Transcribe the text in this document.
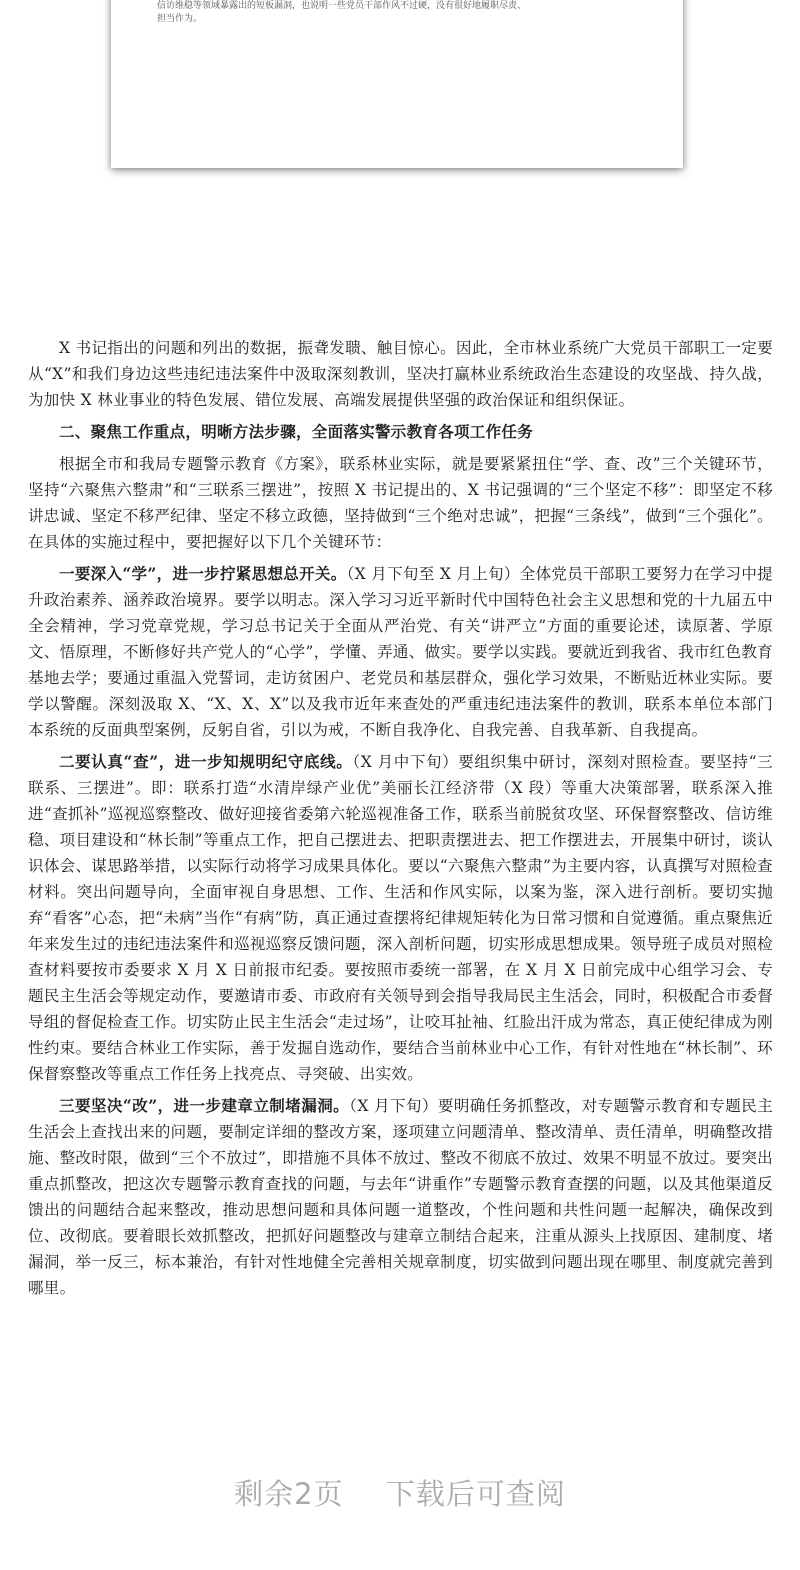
信访维稳等领域暴露出的短板漏洞，也说明一些党员干部作风不过硬，没有很好地履职尽责、

担当作为。

X 书记指出的问题和列出的数据，振聋发聩、触目惊心。因此，全市林业系统广大党员干部职工一定要从“X”和我们身边这些违纪违法案件中汲取深刻教训，坚决打赢林业系统政治生态建设的攻坚战、持久战，为加快 X 林业事业的特色发展、错位发展、高端发展提供坚强的政治保证和组织保证。

二、聚焦工作重点，明晰方法步骤，全面落实警示教育各项工作任务

根据全市和我局专题警示教育《方案》，联系林业实际，就是要紧紧扭住“学、查、改”三个关键环节，坚持“六聚焦六整肃”和“三联系三摆进”，按照 X 书记提出的、X 书记强调的“三个坚定不移”：即坚定不移讲忠诚、坚定不移严纪律、坚定不移立政德，坚持做到“三个绝对忠诚”，把握“三条线”，做到“三个强化”。在具体的实施过程中，要把握好以下几个关键环节：

一要深入“学”，进一步拧紧思想总开关。（X 月下旬至 X 月上旬）全体党员干部职工要努力在学习中提升政治素养、涵养政治境界。要学以明志。深入学习习近平新时代中国特色社会主义思想和党的十九届五中全会精神，学习党章党规，学习总书记关于全面从严治党、有关“讲严立”方面的重要论述，读原著、学原文、悟原理，不断修好共产党人的“心学”，学懂、弄通、做实。要学以实践。要就近到我省、我市红色教育基地去学；要通过重温入党誓词，走访贫困户、老党员和基层群众，强化学习效果，不断贴近林业实际。要学以警醒。深刻汲取 X、“X、X、X”以及我市近年来查处的严重违纪违法案件的教训，联系本单位本部门本系统的反面典型案例，反躬自省，引以为戒，不断自我净化、自我完善、自我革新、自我提高。

二要认真“查”，进一步知规明纪守底线。（X 月中下旬）要组织集中研讨，深刻对照检查。要坚持“三联系、三摆进”。即：联系打造“水清岸绿产业优”美丽长江经济带（X 段）等重大决策部署，联系深入推进“查抓补”巡视巡察整改、做好迎接省委第六轮巡视准备工作，联系当前脱贫攻坚、环保督察整改、信访维稳、项目建设和“林长制”等重点工作，把自己摆进去、把职责摆进去、把工作摆进去，开展集中研讨，谈认识体会、谋思路举措，以实际行动将学习成果具体化。要以“六聚焦六整肃”为主要内容，认真撰写对照检查材料。突出问题导向，全面审视自身思想、工作、生活和作风实际，以案为鉴，深入进行剖析。要切实抛弃“看客”心态，把“未病”当作“有病”防，真正通过查摆将纪律规矩转化为日常习惯和自觉遵循。重点聚焦近年来发生过的违纪违法案件和巡视巡察反馈问题，深入剖析问题，切实形成思想成果。领导班子成员对照检查材料要按市委要求 X 月 X 日前报市纪委。要按照市委统一部署，在 X 月 X 日前完成中心组学习会、专题民主生活会等规定动作，要邀请市委、市政府有关领导到会指导我局民主生活会，同时，积极配合市委督导组的督促检查工作。切实防止民主生活会“走过场”，让咬耳扯袖、红脸出汗成为常态，真正使纪律成为刚性约束。要结合林业工作实际，善于发掘自选动作，要结合当前林业中心工作，有针对性地在“林长制”、环保督察整改等重点工作任务上找亮点、寻突破、出实效。

三要坚决“改”，进一步建章立制堵漏洞。（X 月下旬）要明确任务抓整改，对专题警示教育和专题民主生活会上查找出来的问题，要制定详细的整改方案，逐项建立问题清单、整改清单、责任清单，明确整改措施、整改时限，做到“三个不放过”，即措施不具体不放过、整改不彻底不放过、效果不明显不放过。要突出重点抓整改，把这次专题警示教育查找的问题，与去年“讲重作”专题警示教育查摆的问题，以及其他渠道反馈出的问题结合起来整改，推动思想问题和具体问题一道整改，个性问题和共性问题一起解决，确保改到位、改彻底。要着眼长效抓整改，把抓好问题整改与建章立制结合起来，注重从源头上找原因、建制度、堵漏洞，举一反三，标本兼治，有针对性地健全完善相关规章制度，切实做到问题出现在哪里、制度就完善到哪里。

剩余2页 下载后可查阅
